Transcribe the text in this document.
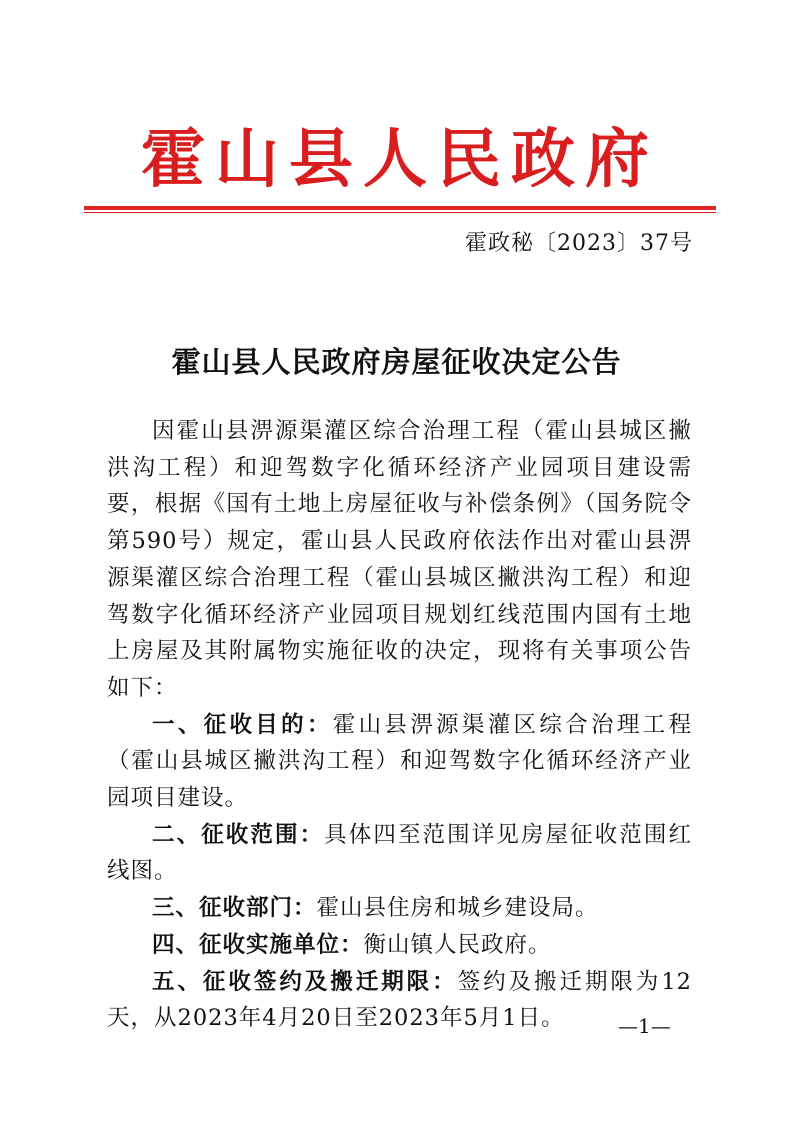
霍山县人民政府
霍政秘〔2023〕37号
霍山县人民政府房屋征收决定公告

因霍山县淠源渠灌区综合治理工程（霍山县城区撇洪沟工程）和迎驾数字化循环经济产业园项目建设需要，根据《国有土地上房屋征收与补偿条例》（国务院令第590号）规定，霍山县人民政府依法作出对霍山县淠源渠灌区综合治理工程（霍山县城区撇洪沟工程）和迎驾数字化循环经济产业园项目规划红线范围内国有土地上房屋及其附属物实施征收的决定，现将有关事项公告如下：

一、征收目的：霍山县淠源渠灌区综合治理工程（霍山县城区撇洪沟工程）和迎驾数字化循环经济产业园项目建设。

二、征收范围：具体四至范围详见房屋征收范围红线图。

三、征收部门：霍山县住房和城乡建设局。

四、征收实施单位：衡山镇人民政府。

五、征收签约及搬迁期限：签约及搬迁期限为12天，从2023年4月20日至2023年5月1日。	—1—
